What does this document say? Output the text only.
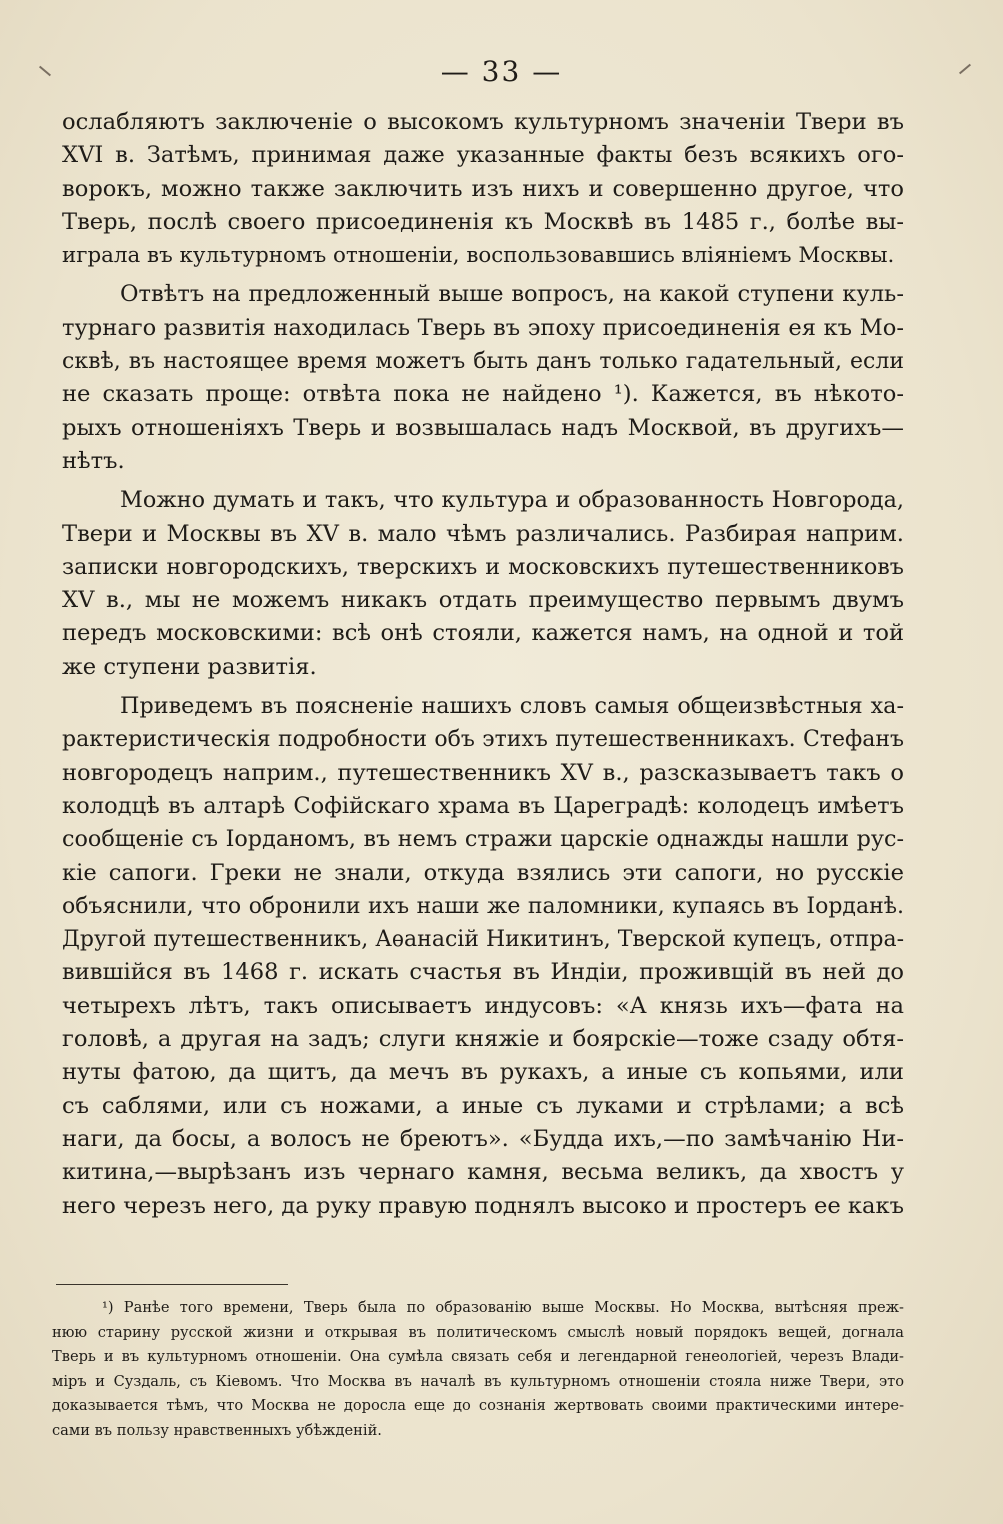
— 33 —

ослабляютъ заключенiе о высокомъ культурномъ значенiи Твери въ
XVI в. Затѣмъ, принимая даже указанные факты безъ всякихъ ого-
ворокъ, можно также заключить изъ нихъ и совершенно другое, что
Тверь, послѣ своего присоединенiя къ Москвѣ въ 1485 г., болѣе вы-
играла въ культурномъ отношенiи, воспользовавшись влiянiемъ Москвы.

Отвѣтъ на предложенный выше вопросъ, на какой ступени куль-
турнаго развитiя находилась Тверь въ эпоху присоединенiя ея къ Мо-
сквѣ, въ настоящее время можетъ быть данъ только гадательный, если
не сказать проще: отвѣта пока не найдено ¹). Кажется, въ нѣкото-
рыхъ отношенiяхъ Тверь и возвышалась надъ Москвой, въ другихъ—
нѣтъ.

Можно думать и такъ, что культура и образованность Новгорода,
Твери и Москвы въ XV в. мало чѣмъ различались. Разбирая наприм.
записки новгородскихъ, тверскихъ и московскихъ путешественниковъ
XV в., мы не можемъ никакъ отдать преимущество первымъ двумъ
передъ московскими: всѣ онѣ стояли, кажется намъ, на одной и той
же ступени развитiя.

Приведемъ въ поясненiе нашихъ словъ самыя общеизвѣстныя ха-
рактеристическiя подробности объ этихъ путешественникахъ. Стефанъ
новгородецъ наприм., путешественникъ XV в., разсказываетъ такъ о
колодцѣ въ алтарѣ Софiйскаго храма въ Цареградѣ: колодецъ имѣетъ
сообщенiе съ Iорданомъ, въ немъ стражи царскiе однажды нашли рус-
кiе сапоги. Греки не знали, откуда взялись эти сапоги, но русскiе
объяснили, что обронили ихъ наши же паломники, купаясь въ Iорданѣ.
Другой путешественникъ, Аѳанасiй Никитинъ, Тверской купецъ, отпра-
вившiйся въ 1468 г. искать счастья въ Индiи, проживщiй въ ней до
четырехъ лѣтъ, такъ описываетъ индусовъ: «А князь ихъ—фата на
головѣ, а другая на задъ; слуги княжiе и боярскiе—тоже сзаду обтя-
нуты фатою, да щитъ, да мечъ въ рукахъ, а иные съ копьями, или
съ саблями, или съ ножами, а иные съ луками и стрѣлами; а всѣ
наги, да босы, а волосъ не бреютъ». «Будда ихъ,—по замѣчанiю Ни-
китина,—вырѣзанъ изъ чернаго камня, весьма великъ, да хвостъ у
него черезъ него, да руку правую поднялъ высоко и простеръ ее какъ

¹) Ранѣе того времени, Тверь была по образованiю выше Москвы. Но Москва, вытѣсняя преж-
нюю старину русской жизни и открывая въ политическомъ смыслѣ новый порядокъ вещей, догнала
Тверь и въ культурномъ отношенiи. Она сумѣла связать себя и легендарной генеологiей, черезъ Влади-
мiръ и Суздаль, съ Кiевомъ. Что Москва въ началѣ въ культурномъ отношенiи стояла ниже Твери, это
доказывается тѣмъ, что Москва не доросла еще до сознанiя жертвовать своими практическими интере-
сами въ пользу нравственныхъ убѣжденiй.
